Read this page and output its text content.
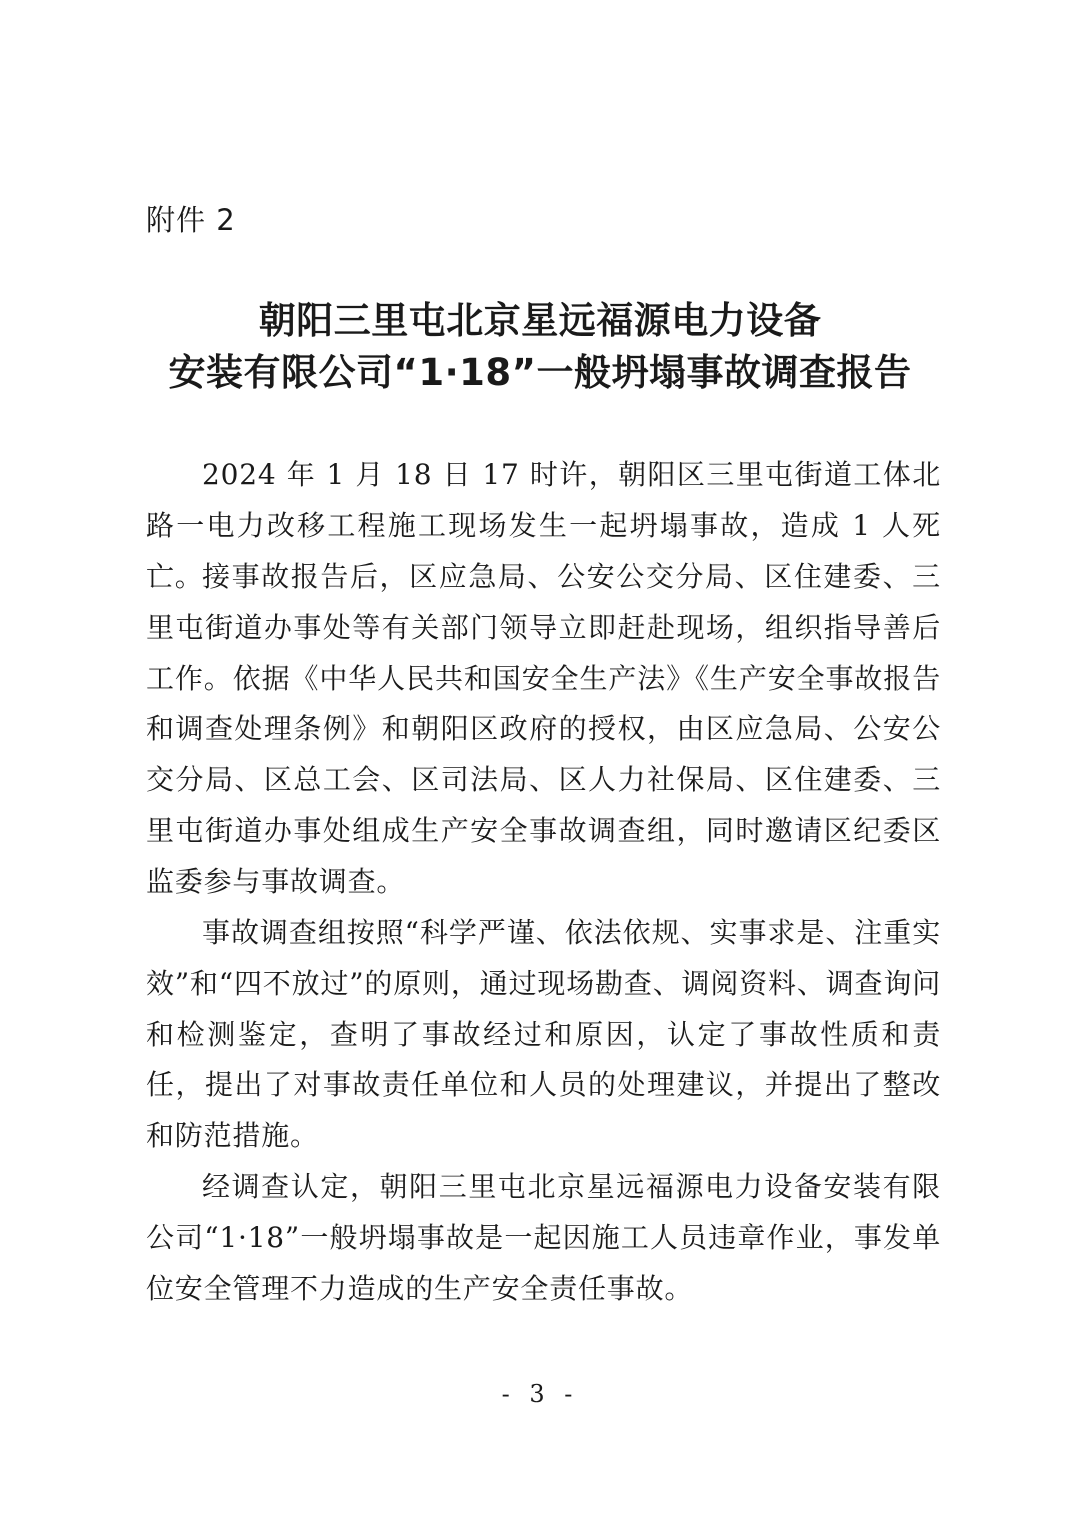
附件 2
朝阳三里屯北京星远福源电力设备
安装有限公司“1·18”一般坍塌事故调查报告
2024 年 1 月 18 日 17 时许，朝阳区三里屯街道工体北路一电力改移工程施工现场发生一起坍塌事故，造成 1 人死亡。
接事故报告后，区应急局、公安公交分局、区住建委、三里屯街道办事处等有关部门领导立即赶赴现场，组织指导善后工作。依据《中华人民共和国安全生产法》《生产安全事故报告和调查处理条例》和朝阳区政府的授权，由区应急局、公安公交分局、区总工会、区司法局、区人力社保局、区住建委、三里屯街道办事处组成生产安全事故调查组，同时邀请区纪委区监委参与事故调查。
事故调查组按照“科学严谨、依法依规、实事求是、注重实效”和“四不放过”的原则，通过现场勘查、调阅资料、调查询问和检测鉴定，查明了事故经过和原因，认定了事故性质和责任，提出了对事故责任单位和人员的处理建议，并提出了整改和防范措施。
经调查认定，朝阳三里屯北京星远福源电力设备安装有限公司“1·18”一般坍塌事故是一起因施工人员违章作业，事发单位安全管理不力造成的生产安全责任事故。
- 3 -
